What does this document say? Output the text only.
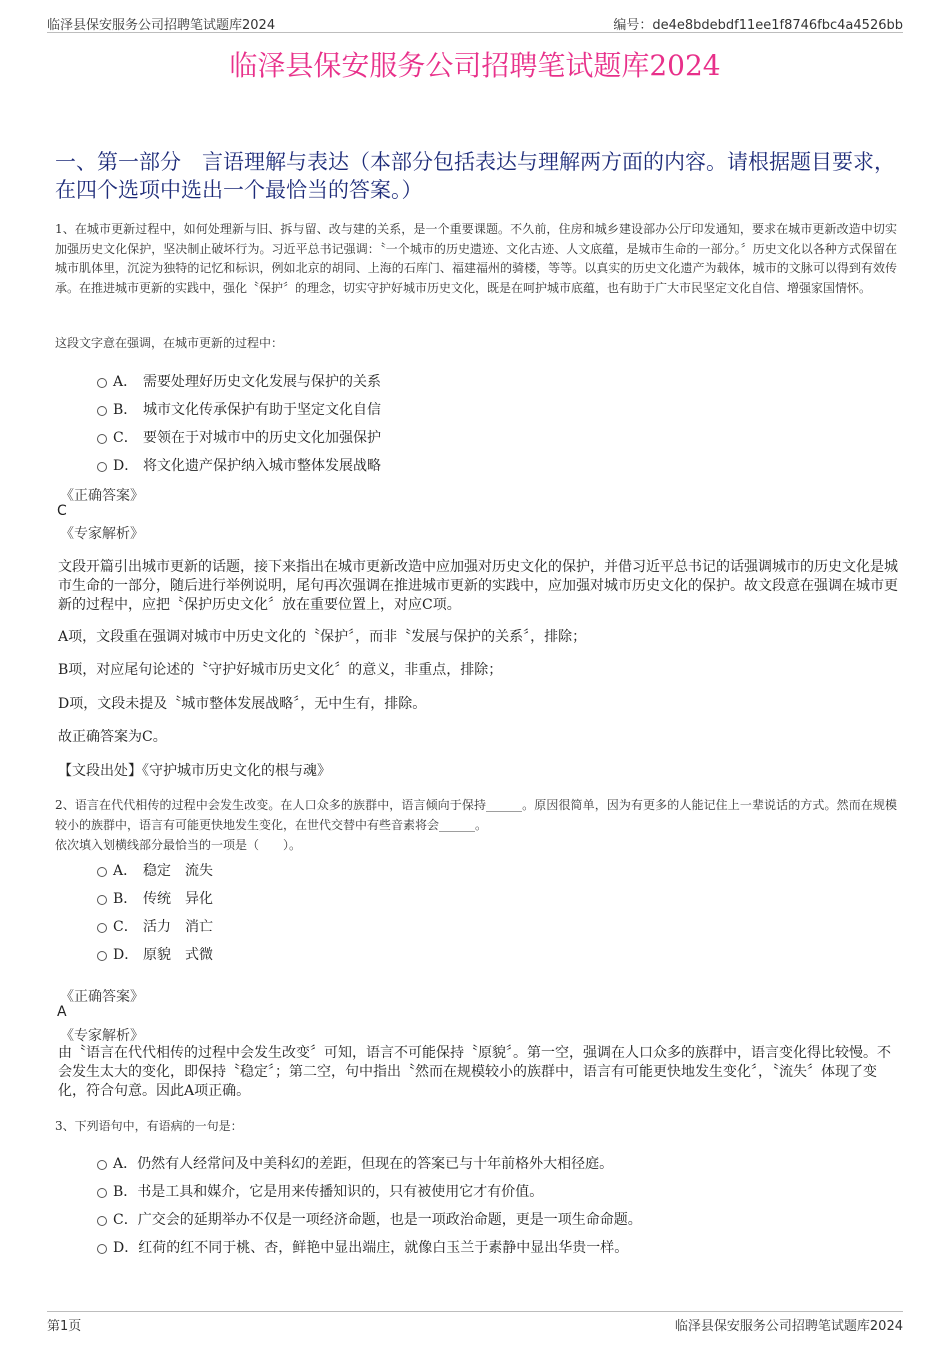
临泽县保安服务公司招聘笔试题库2024	编号：de4e8bdebdf11ee1f8746fbc4a4526bb
临泽县保安服务公司招聘笔试题库2024
一、第一部分　言语理解与表达（本部分包括表达与理解两方面的内容。请根据题目要求，在四个选项中选出一个最恰当的答案。）
1、在城市更新过程中，如何处理新与旧、拆与留、改与建的关系，是一个重要课题。不久前，住房和城乡建设部办公厅印发通知，要求在城市更新改造中切实加强历史文化保护，坚决制止破坏行为。习近平总书记强调：〝一个城市的历史遗迹、文化古迹、人文底蕴，是城市生命的一部分。〞历史文化以各种方式保留在城市肌体里，沉淀为独特的记忆和标识，例如北京的胡同、上海的石库门、福建福州的骑楼，等等。以真实的历史文化遗产为载体，城市的文脉可以得到有效传承。在推进城市更新的实践中，强化〝保护〞的理念，切实守护好城市历史文化，既是在呵护城市底蕴，也有助于广大市民坚定文化自信、增强家国情怀。
这段文字意在强调，在城市更新的过程中：
A． 需要处理好历史文化发展与保护的关系
B． 城市文化传承保护有助于坚定文化自信
C． 要领在于对城市中的历史文化加强保护
D． 将文化遗产保护纳入城市整体发展战略
《正确答案》
C
《专家解析》
文段开篇引出城市更新的话题，接下来指出在城市更新改造中应加强对历史文化的保护，并借习近平总书记的话强调城市的历史文化是城市生命的一部分，随后进行举例说明，尾句再次强调在推进城市更新的实践中，应加强对城市历史文化的保护。故文段意在强调在城市更新的过程中，应把〝保护历史文化〞放在重要位置上，对应C项。
A项，文段重在强调对城市中历史文化的〝保护〞，而非〝发展与保护的关系〞，排除；
B项，对应尾句论述的〝守护好城市历史文化〞的意义，非重点，排除；
D项，文段未提及〝城市整体发展战略〞，无中生有，排除。
故正确答案为C。
【文段出处】《守护城市历史文化的根与魂》
2、语言在代代相传的过程中会发生改变。在人口众多的族群中，语言倾向于保持______。原因很简单，因为有更多的人能记住上一辈说话的方式。然而在规模较小的族群中，语言有可能更快地发生变化，在世代交替中有些音素将会______。
依次填入划横线部分最恰当的一项是（　　）。
A． 稳定　流失
B． 传统　异化
C． 活力　消亡
D． 原貌　式微
《正确答案》
A
《专家解析》
由〝语言在代代相传的过程中会发生改变〞可知，语言不可能保持〝原貌〞。第一空，强调在人口众多的族群中，语言变化得比较慢。不会发生太大的变化，即保持〝稳定〞；第二空，句中指出〝然而在规模较小的族群中，语言有可能更快地发生变化〞，〝流失〞体现了变化，符合句意。因此A项正确。
3、下列语句中，有语病的一句是：
A．仍然有人经常问及中美科幻的差距，但现在的答案已与十年前格外大相径庭。
B．书是工具和媒介，它是用来传播知识的，只有被使用它才有价值。
C．广交会的延期举办不仅是一项经济命题，也是一项政治命题，更是一项生命命题。
D．红荷的红不同于桃、杏，鲜艳中显出端庄，就像白玉兰于素静中显出华贵一样。
第1页	临泽县保安服务公司招聘笔试题库2024
